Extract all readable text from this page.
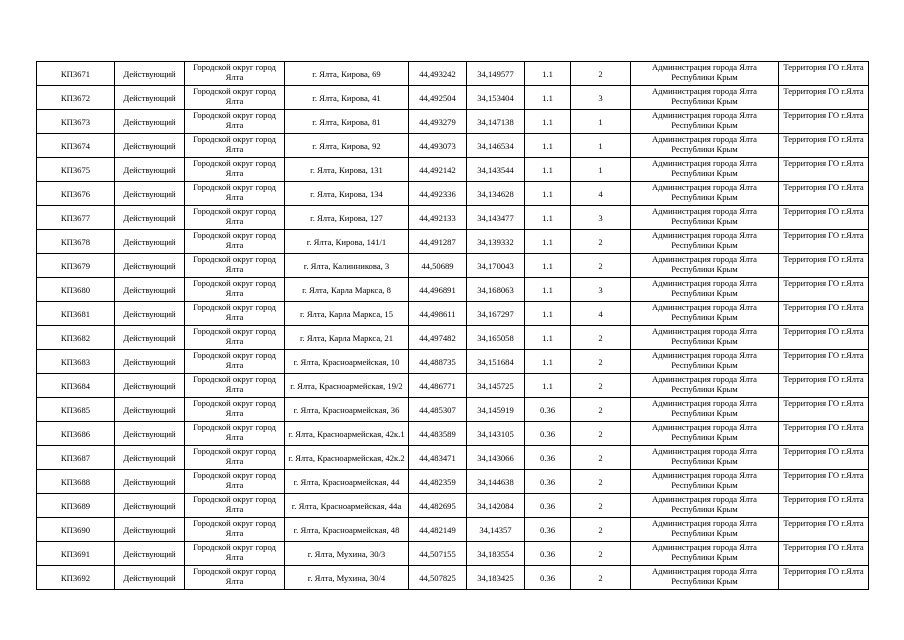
КП3671	Действующий	Городской округ город Ялта	г. Ялта, Кирова, 69	44,493242	34,149577	1.1	2	Администрация города Ялта Республики Крым	Территория ГО г.Ялта
КП3672	Действующий	Городской округ город Ялта	г. Ялта, Кирова, 41	44,492504	34,153404	1.1	3	Администрация города Ялта Республики Крым	Территория ГО г.Ялта
КП3673	Действующий	Городской округ город Ялта	г. Ялта, Кирова, 81	44,493279	34,147138	1.1	1	Администрация города Ялта Республики Крым	Территория ГО г.Ялта
КП3674	Действующий	Городской округ город Ялта	г. Ялта, Кирова, 92	44,493073	34,146534	1.1	1	Администрация города Ялта Республики Крым	Территория ГО г.Ялта
КП3675	Действующий	Городской округ город Ялта	г. Ялта, Кирова, 131	44,492142	34,143544	1.1	1	Администрация города Ялта Республики Крым	Территория ГО г.Ялта
КП3676	Действующий	Городской округ город Ялта	г. Ялта, Кирова, 134	44,492336	34,134628	1.1	4	Администрация города Ялта Республики Крым	Территория ГО г.Ялта
КП3677	Действующий	Городской округ город Ялта	г. Ялта, Кирова, 127	44,492133	34,143477	1.1	3	Администрация города Ялта Республики Крым	Территория ГО г.Ялта
КП3678	Действующий	Городской округ город Ялта	г. Ялта, Кирова, 141/1	44,491287	34,139332	1.1	2	Администрация города Ялта Республики Крым	Территория ГО г.Ялта
КП3679	Действующий	Городской округ город Ялта	г. Ялта, Калинникова, 3	44,50689	34,170043	1.1	2	Администрация города Ялта Республики Крым	Территория ГО г.Ялта
КП3680	Действующий	Городской округ город Ялта	г. Ялта, Карла Маркса, 8	44,496891	34,168063	1.1	3	Администрация города Ялта Республики Крым	Территория ГО г.Ялта
КП3681	Действующий	Городской округ город Ялта	г. Ялта, Карла Маркса, 15	44,498611	34,167297	1.1	4	Администрация города Ялта Республики Крым	Территория ГО г.Ялта
КП3682	Действующий	Городской округ город Ялта	г. Ялта, Карла Маркса, 21	44,497482	34,165058	1.1	2	Администрация города Ялта Республики Крым	Территория ГО г.Ялта
КП3683	Действующий	Городской округ город Ялта	г. Ялта, Красноармейская, 10	44,488735	34,151684	1.1	2	Администрация города Ялта Республики Крым	Территория ГО г.Ялта
КП3684	Действующий	Городской округ город Ялта	г. Ялта, Красноармейская, 19/2	44,486771	34,145725	1.1	2	Администрация города Ялта Республики Крым	Территория ГО г.Ялта
КП3685	Действующий	Городской округ город Ялта	г. Ялта, Красноармейская, 36	44,485307	34,145919	0.36	2	Администрация города Ялта Республики Крым	Территория ГО г.Ялта
КП3686	Действующий	Городской округ город Ялта	г. Ялта, Красноармейская, 42к.1	44,483589	34,143105	0.36	2	Администрация города Ялта Республики Крым	Территория ГО г.Ялта
КП3687	Действующий	Городской округ город Ялта	г. Ялта, Красноармейская, 42к.2	44,483471	34,143066	0.36	2	Администрация города Ялта Республики Крым	Территория ГО г.Ялта
КП3688	Действующий	Городской округ город Ялта	г. Ялта, Красноармейская, 44	44,482359	34,144638	0.36	2	Администрация города Ялта Республики Крым	Территория ГО г.Ялта
КП3689	Действующий	Городской округ город Ялта	г. Ялта, Красноармейская, 44а	44,482695	34,142084	0.36	2	Администрация города Ялта Республики Крым	Территория ГО г.Ялта
КП3690	Действующий	Городской округ город Ялта	г. Ялта, Красноармейская, 48	44,482149	34,14357	0.36	2	Администрация города Ялта Республики Крым	Территория ГО г.Ялта
КП3691	Действующий	Городской округ город Ялта	г. Ялта, Мухина, 30/3	44,507155	34,183554	0.36	2	Администрация города Ялта Республики Крым	Территория ГО г.Ялта
КП3692	Действующий	Городской округ город Ялта	г. Ялта, Мухина, 30/4	44,507825	34,183425	0.36	2	Администрация города Ялта Республики Крым	Территория ГО г.Ялта
